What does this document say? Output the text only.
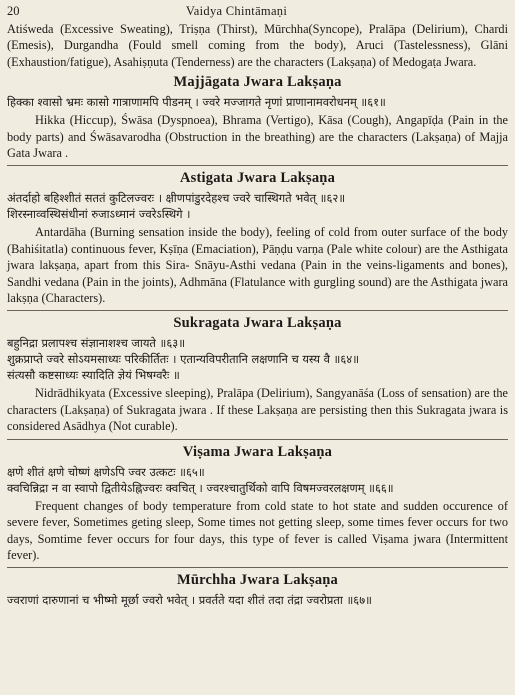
20	Vaidya Chintāmaṇi

Atiśweda (Excessive Sweating), Triṣṇa (Thirst), Mūrchha(Syncope), Pralāpa (Delirium), Chardi (Emesis), Durgandha (Fould smell coming from the body), Aruci (Tastelessness), Glāni (Exhaustion/fatigue), Asahiṣṇuta (Tenderness) are the characters (Lakṣaṇa) of Medogaṭa Jwara.

Majjāgata Jwara Lakṣaṇa
हिक्का श्वासो भ्रमः कासो गात्राणामपि पीडनम् । ज्वरे मज्जागते नृणां प्राणानामवरोधनम् ॥६१॥

Hikka (Hiccup), Śwāsa (Dyspnoea), Bhrama (Vertigo), Kāsa (Cough), Angapīḍa (Pain in the body parts) and Śwāsavarodha (Obstruction in the breathing) are the characters (Lakṣaṇa) of Majja Gata Jwara .

Astigata Jwara Lakṣaṇa
अंतर्दाहो बहिश्शीतं सततं कुटिलज्वरः । क्षीणपांडुरदेहश्च ज्वरे चास्थिगते भवेत् ॥६२॥
शिरस्नाव्वस्थिसंधीनां रुजाऽध्मानं ज्वरेऽस्थिगे ।

Antardāha (Burning sensation inside the body), feeling of cold from outer surface of the body (Bahiśitatla) continuous fever, Kṣīṇa (Emaciation), Pāṇḍu varṇa (Pale white colour) are the Asthigata jwara lakṣaṇa, apart from this Sira- Snāyu-Asthi vedana (Pain in the veins-ligaments and bones), Sandhi vedana (Pain in the joints), Adhmāna (Flatulance with gurgling sound) are the Asthigata jwara lakṣṇa (Characters).

Sukragata Jwara Lakṣaṇa
बहुनिद्रा प्रलापश्च संज्ञानाशश्च जायते ॥६३॥
शुक्रप्राप्ते ज्वरे सोऽयमसाध्यः परिकीर्तितः । एतान्यविपरीतानि लक्षणानि च यस्य वै ॥६४॥
संत्यसौ कष्टसाध्यः स्यादिति ज्ञेयं भिषग्वरैः ॥

Nidrādhikyata (Excessive sleeping), Pralāpa (Delirium), Sangyanāśa (Loss of sensation) are the characters (Lakṣaṇa) of Sukragata jwara . If these Lakṣaṇa are persisting then this Sukragata jwara is considered Asādhya (Not curable).

Viṣama Jwara Lakṣaṇa
क्षणे शीतं क्षणे चोष्णं क्षणेऽपि ज्वर उत्कटः ॥६५॥
क्वचिन्निद्रा न वा स्वापो द्वितीयेऽह्निज्वरः क्वचित् । ज्वरश्चातुर्थिको वापि विषमज्वरलक्षणम् ॥६६॥

Frequent changes of body temperature from cold state to hot state and sudden occurence of severe fever, Sometimes geting sleep, Some times not getting sleep, some times fever occurs for two days, Somtime fever occurs for four days, this type of fever is called Viṣama jwara (Intermittent fever).

Mūrchha Jwara Lakṣaṇa
ज्वराणां दारुणानां च भीष्मो मूर्छा ज्वरो भवेत् । प्रवर्तते यदा शीतं तदा तंद्रा ज्वरोप्रता ॥६७॥
